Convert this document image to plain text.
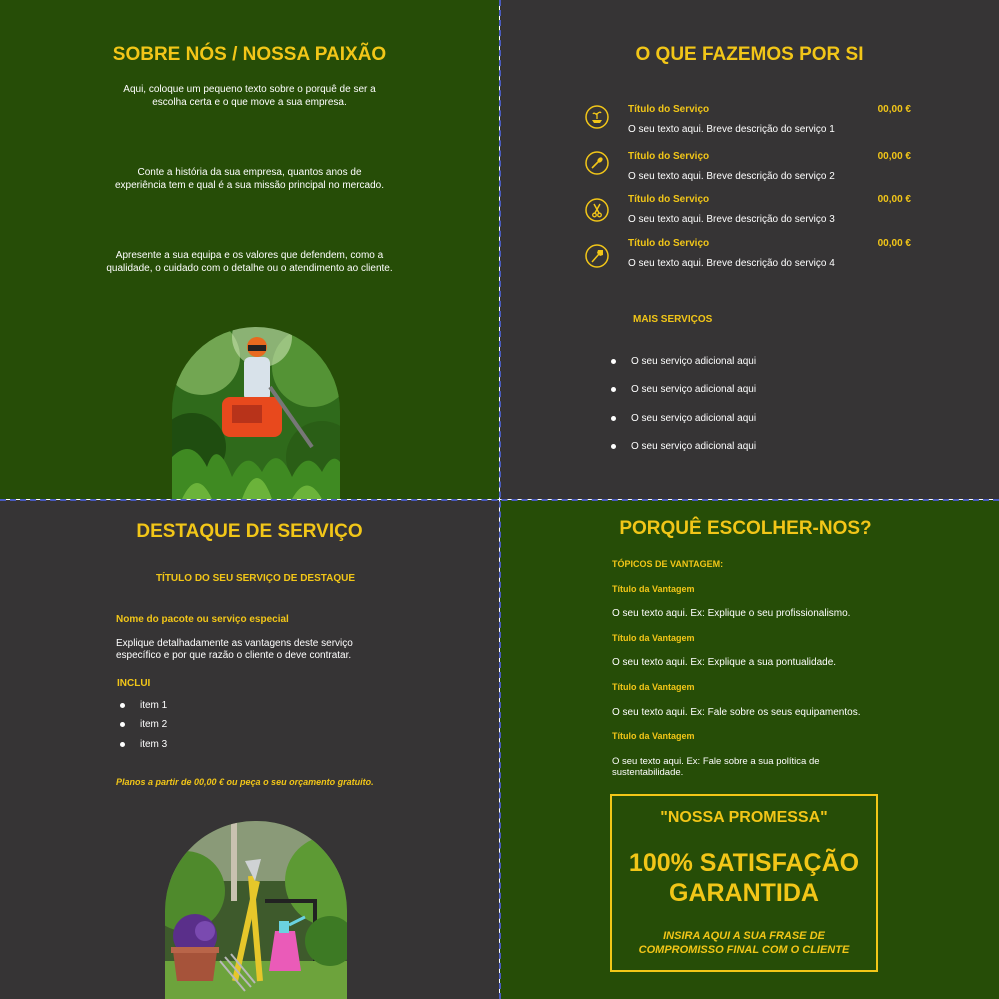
SOBRE NÓS / NOSSA PAIXÃO
Aqui, coloque um pequeno texto sobre o porquê de ser a
escolha certa e o que move a sua empresa.
Conte a história da sua empresa, quantos anos de
experiência tem e qual é a sua missão principal no mercado.
Apresente a sua equipa e os valores que defendem, como a
qualidade, o cuidado com o detalhe ou o atendimento ao cliente.
O QUE FAZEMOS POR SI
Título do Serviço	00,00 €
O seu texto aqui. Breve descrição do serviço 1
Título do Serviço	00,00 €
O seu texto aqui. Breve descrição do serviço 2
Título do Serviço	00,00 €
O seu texto aqui. Breve descrição do serviço 3
Título do Serviço	00,00 €
O seu texto aqui. Breve descrição do serviço 4
MAIS SERVIÇOS
O seu serviço adicional aqui
O seu serviço adicional aqui
O seu serviço adicional aqui
O seu serviço adicional aqui
DESTAQUE DE SERVIÇO
TÍTULO DO SEU SERVIÇO DE DESTAQUE
Nome do pacote ou serviço especial
Explique detalhadamente as vantagens deste serviço
específico e por que razão o cliente o deve contratar.
INCLUI
item 1
item 2
item 3
Planos a partir de 00,00 € ou peça o seu orçamento gratuito.
PORQUÊ ESCOLHER-NOS?
TÓPICOS DE VANTAGEM:
Título da Vantagem
O seu texto aqui. Ex: Explique o seu profissionalismo.
Título da Vantagem
O seu texto aqui. Ex: Explique a sua pontualidade.
Título da Vantagem
O seu texto aqui. Ex: Fale sobre os seus equipamentos.
Título da Vantagem
O seu texto aqui. Ex: Fale sobre a sua política de
sustentabilidade.
"NOSSA PROMESSA"
100% SATISFAÇÃO
GARANTIDA
INSIRA AQUI A SUA FRASE DE
COMPROMISSO FINAL COM O CLIENTE
